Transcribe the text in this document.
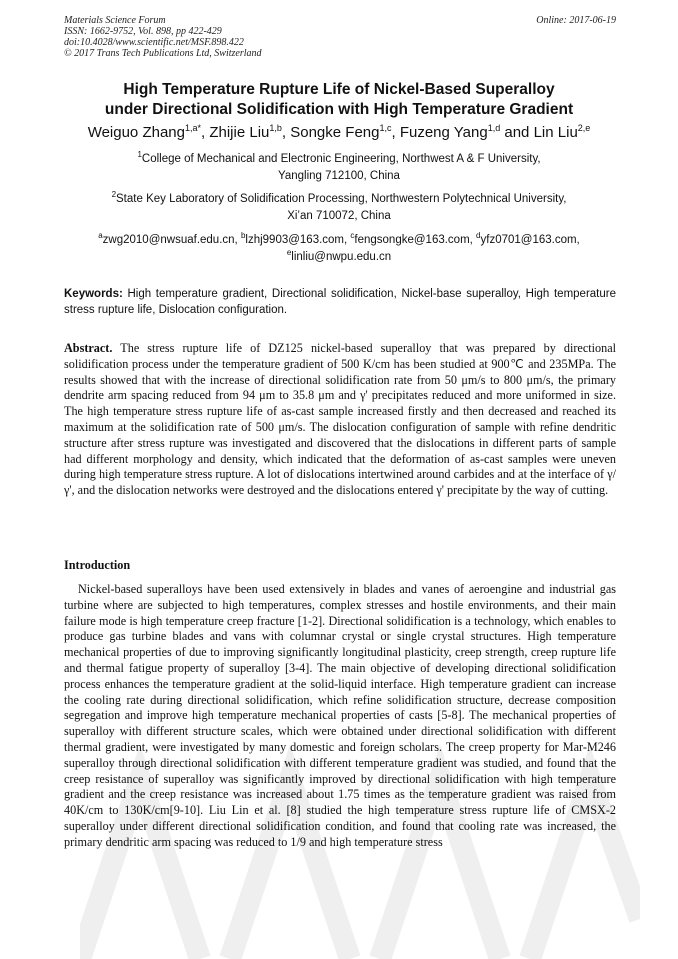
Materials Science Forum
ISSN: 1662-9752, Vol. 898, pp 422-429
doi:10.4028/www.scientific.net/MSF.898.422
© 2017 Trans Tech Publications Ltd, Switzerland
Online: 2017-06-19
High Temperature Rupture Life of Nickel-Based Superalloy
under Directional Solidification with High Temperature Gradient
Weiguo Zhang$^{1,a*}$, Zhijie Liu$^{1,b}$, Songke Feng$^{1,c}$, Fuzeng Yang$^{1,d}$ and Lin Liu$^{2,e}$
$^1$College of Mechanical and Electronic Engineering, Northwest A & F University,
Yangling 712100, China
$^2$State Key Laboratory of Solidification Processing, Northwestern Polytechnical University,
Xi’an 710072, China
$^a$zwg2010@nwsuaf.edu.cn, $^b$lzhj9903@163.com, $^c$fengsongke@163.com, $^d$yfz0701@163.com,
$^e$linliu@nwpu.edu.cn
Keywords: High temperature gradient, Directional solidification, Nickel-base superalloy, High temperature stress rupture life, Dislocation configuration.
Abstract. The stress rupture life of DZ125 nickel-based superalloy that was prepared by directional solidification process under the temperature gradient of 500 K/cm has been studied at 900℃ and 235MPa. The results showed that with the increase of directional solidification rate from 50 μm/s to 800 μm/s, the primary dendrite arm spacing reduced from 94 μm to 35.8 μm and γ' precipitates reduced and more uniformed in size. The high temperature stress rupture life of as-cast sample increased firstly and then decreased and reached its maximum at the solidification rate of 500 μm/s. The dislocation configuration of sample with refine dendritic structure after stress rupture was investigated and discovered that the dislocations in different parts of sample had different morphology and density, which indicated that the deformation of as-cast samples were uneven during high temperature stress rupture. A lot of dislocations intertwined around carbides and at the interface of γ/γ', and the dislocation networks were destroyed and the dislocations entered γ' precipitate by the way of cutting.
Introduction

Nickel-based superalloys have been used extensively in blades and vanes of aeroengine and industrial gas turbine where are subjected to high temperatures, complex stresses and hostile environments, and their main failure mode is high temperature creep fracture [1-2]. Directional solidification is a technology, which enables to produce gas turbine blades and vans with columnar crystal or single crystal structures. High temperature mechanical properties of due to improving significantly longitudinal plasticity, creep strength, creep rupture life and thermal fatigue property of superalloy [3-4]. The main objective of developing directional solidification process enhances the temperature gradient at the solid-liquid interface. High temperature gradient can increase the cooling rate during directional solidification, which refine solidification structure, decrease composition segregation and improve high temperature mechanical properties of casts [5-8]. The mechanical properties of superalloy with different structure scales, which were obtained under directional solidification with different thermal gradient, were investigated by many domestic and foreign scholars. The creep property for Mar-M246 superalloy through directional solidification with different temperature gradient was studied, and found that the creep resistance of superalloy was significantly improved by directional solidification with high temperature gradient and the creep resistance was increased about 1.75 times as the temperature gradient was raised from 40K/cm to 130K/cm[9-10]. Liu Lin et al. [8] studied the high temperature stress rupture life of CMSX-2 superalloy under different directional solidification condition, and found that cooling rate was increased, the primary dendritic arm spacing was reduced to 1/9 and high temperature stress
